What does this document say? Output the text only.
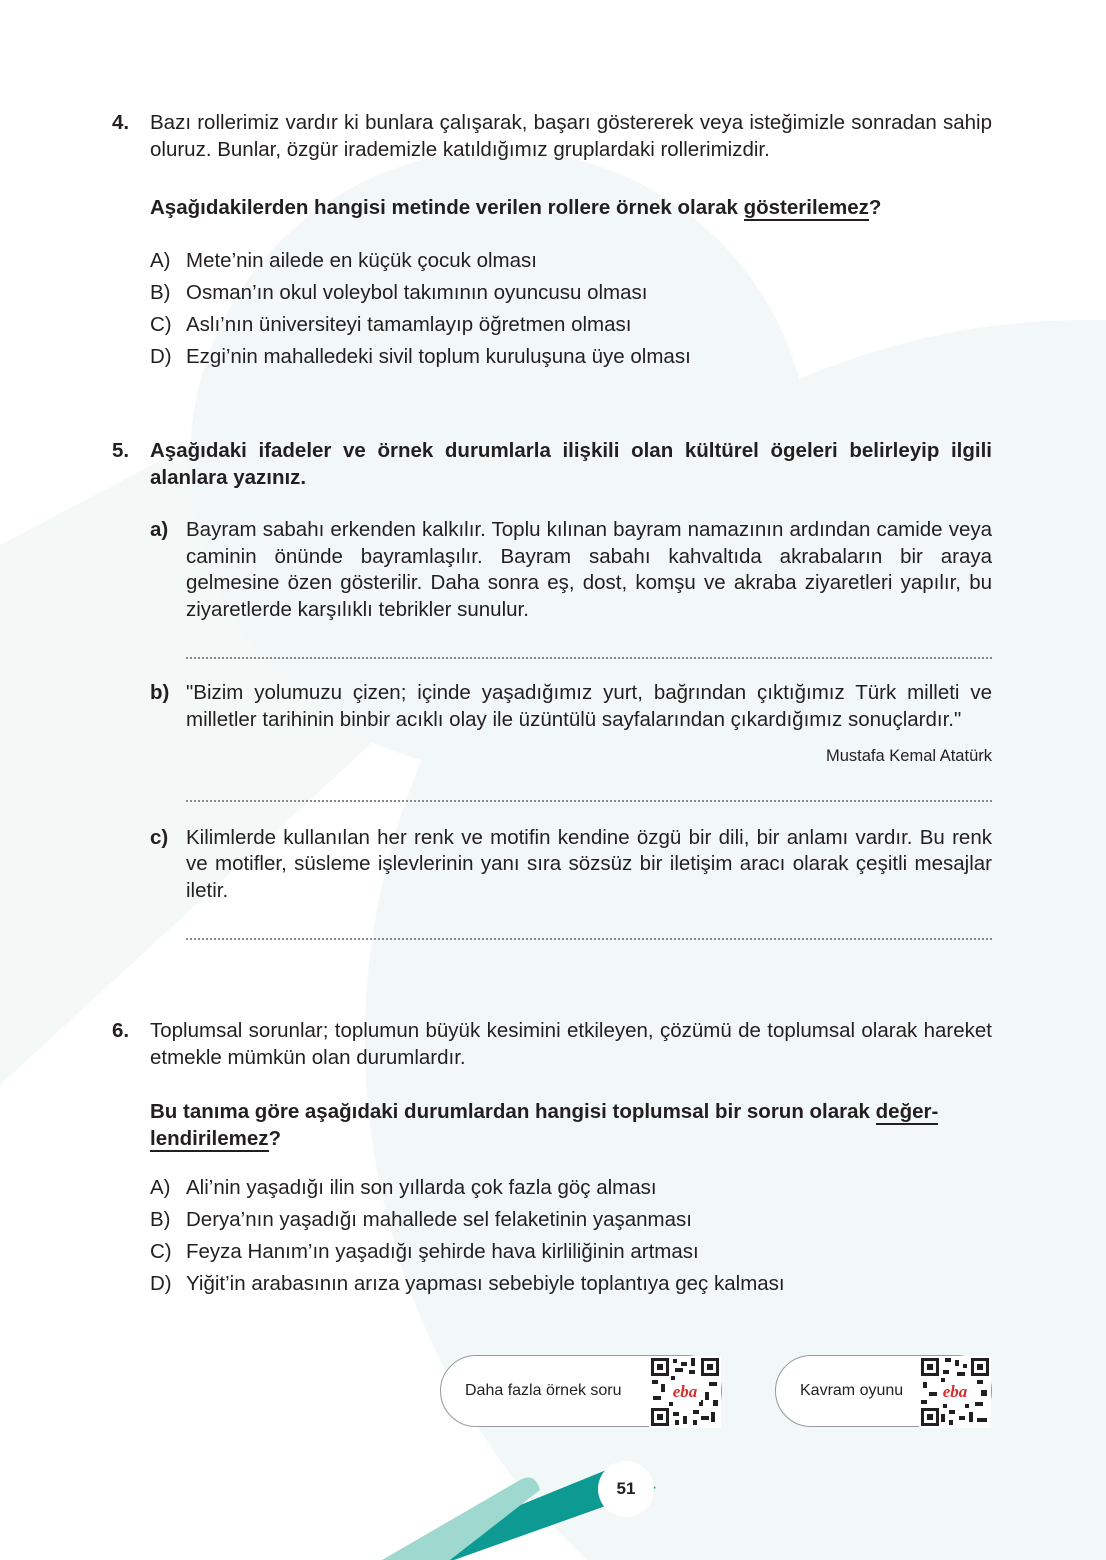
4. Bazı rollerimiz vardır ki bunlara çalışarak, başarı göstererek veya isteğimizle sonradan sahip oluruz. Bunlar, özgür irademizle katıldığımız gruplardaki rollerimizdir.
Aşağıdakilerden hangisi metinde verilen rollere örnek olarak gösterilemez?
A) Mete’nin ailede en küçük çocuk olması
B) Osman’ın okul voleybol takımının oyuncusu olması
C) Aslı’nın üniversiteyi tamamlayıp öğretmen olması
D) Ezgi’nin mahalledeki sivil toplum kuruluşuna üye olması
5. Aşağıdaki ifadeler ve örnek durumlarla ilişkili olan kültürel ögeleri belirleyip ilgili alanlara yazınız.
a) Bayram sabahı erkenden kalkılır. Toplu kılınan bayram namazının ardından camide veya caminin önünde bayramlaşılır. Bayram sabahı kahvaltıda akrabaların bir araya gelmesine özen gösterilir. Daha sonra eş, dost, komşu ve akraba ziyaretleri yapılır, bu ziyaretlerde karşılıklı tebrikler sunulur.
b) "Bizim yolumuzu çizen; içinde yaşadığımız yurt, bağrından çıktığımız Türk milleti ve milletler tarihinin binbir acıklı olay ile üzüntülü sayfalarından çıkardığımız sonuçlardır."
Mustafa Kemal Atatürk
c) Kilimlerde kullanılan her renk ve motifin kendine özgü bir dili, bir anlamı vardır. Bu renk ve motifler, süsleme işlevlerinin yanı sıra sözsüz bir iletişim aracı olarak çeşitli mesajlar iletir.
6. Toplumsal sorunlar; toplumun büyük kesimini etkileyen, çözümü de toplumsal olarak hareket etmekle mümkün olan durumlardır.
Bu tanıma göre aşağıdaki durumlardan hangisi toplumsal bir sorun olarak değer-
lendirilemez?
A) Ali’nin yaşadığı ilin son yıllarda çok fazla göç alması
B) Derya’nın yaşadığı mahallede sel felaketinin yaşanması
C) Feyza Hanım’ın yaşadığı şehirde hava kirliliğinin artması
D) Yiğit’in arabasının arıza yapması sebebiyle toplantıya geç kalması
Daha fazla örnek soru	eba	Kavram oyunu eba
51
